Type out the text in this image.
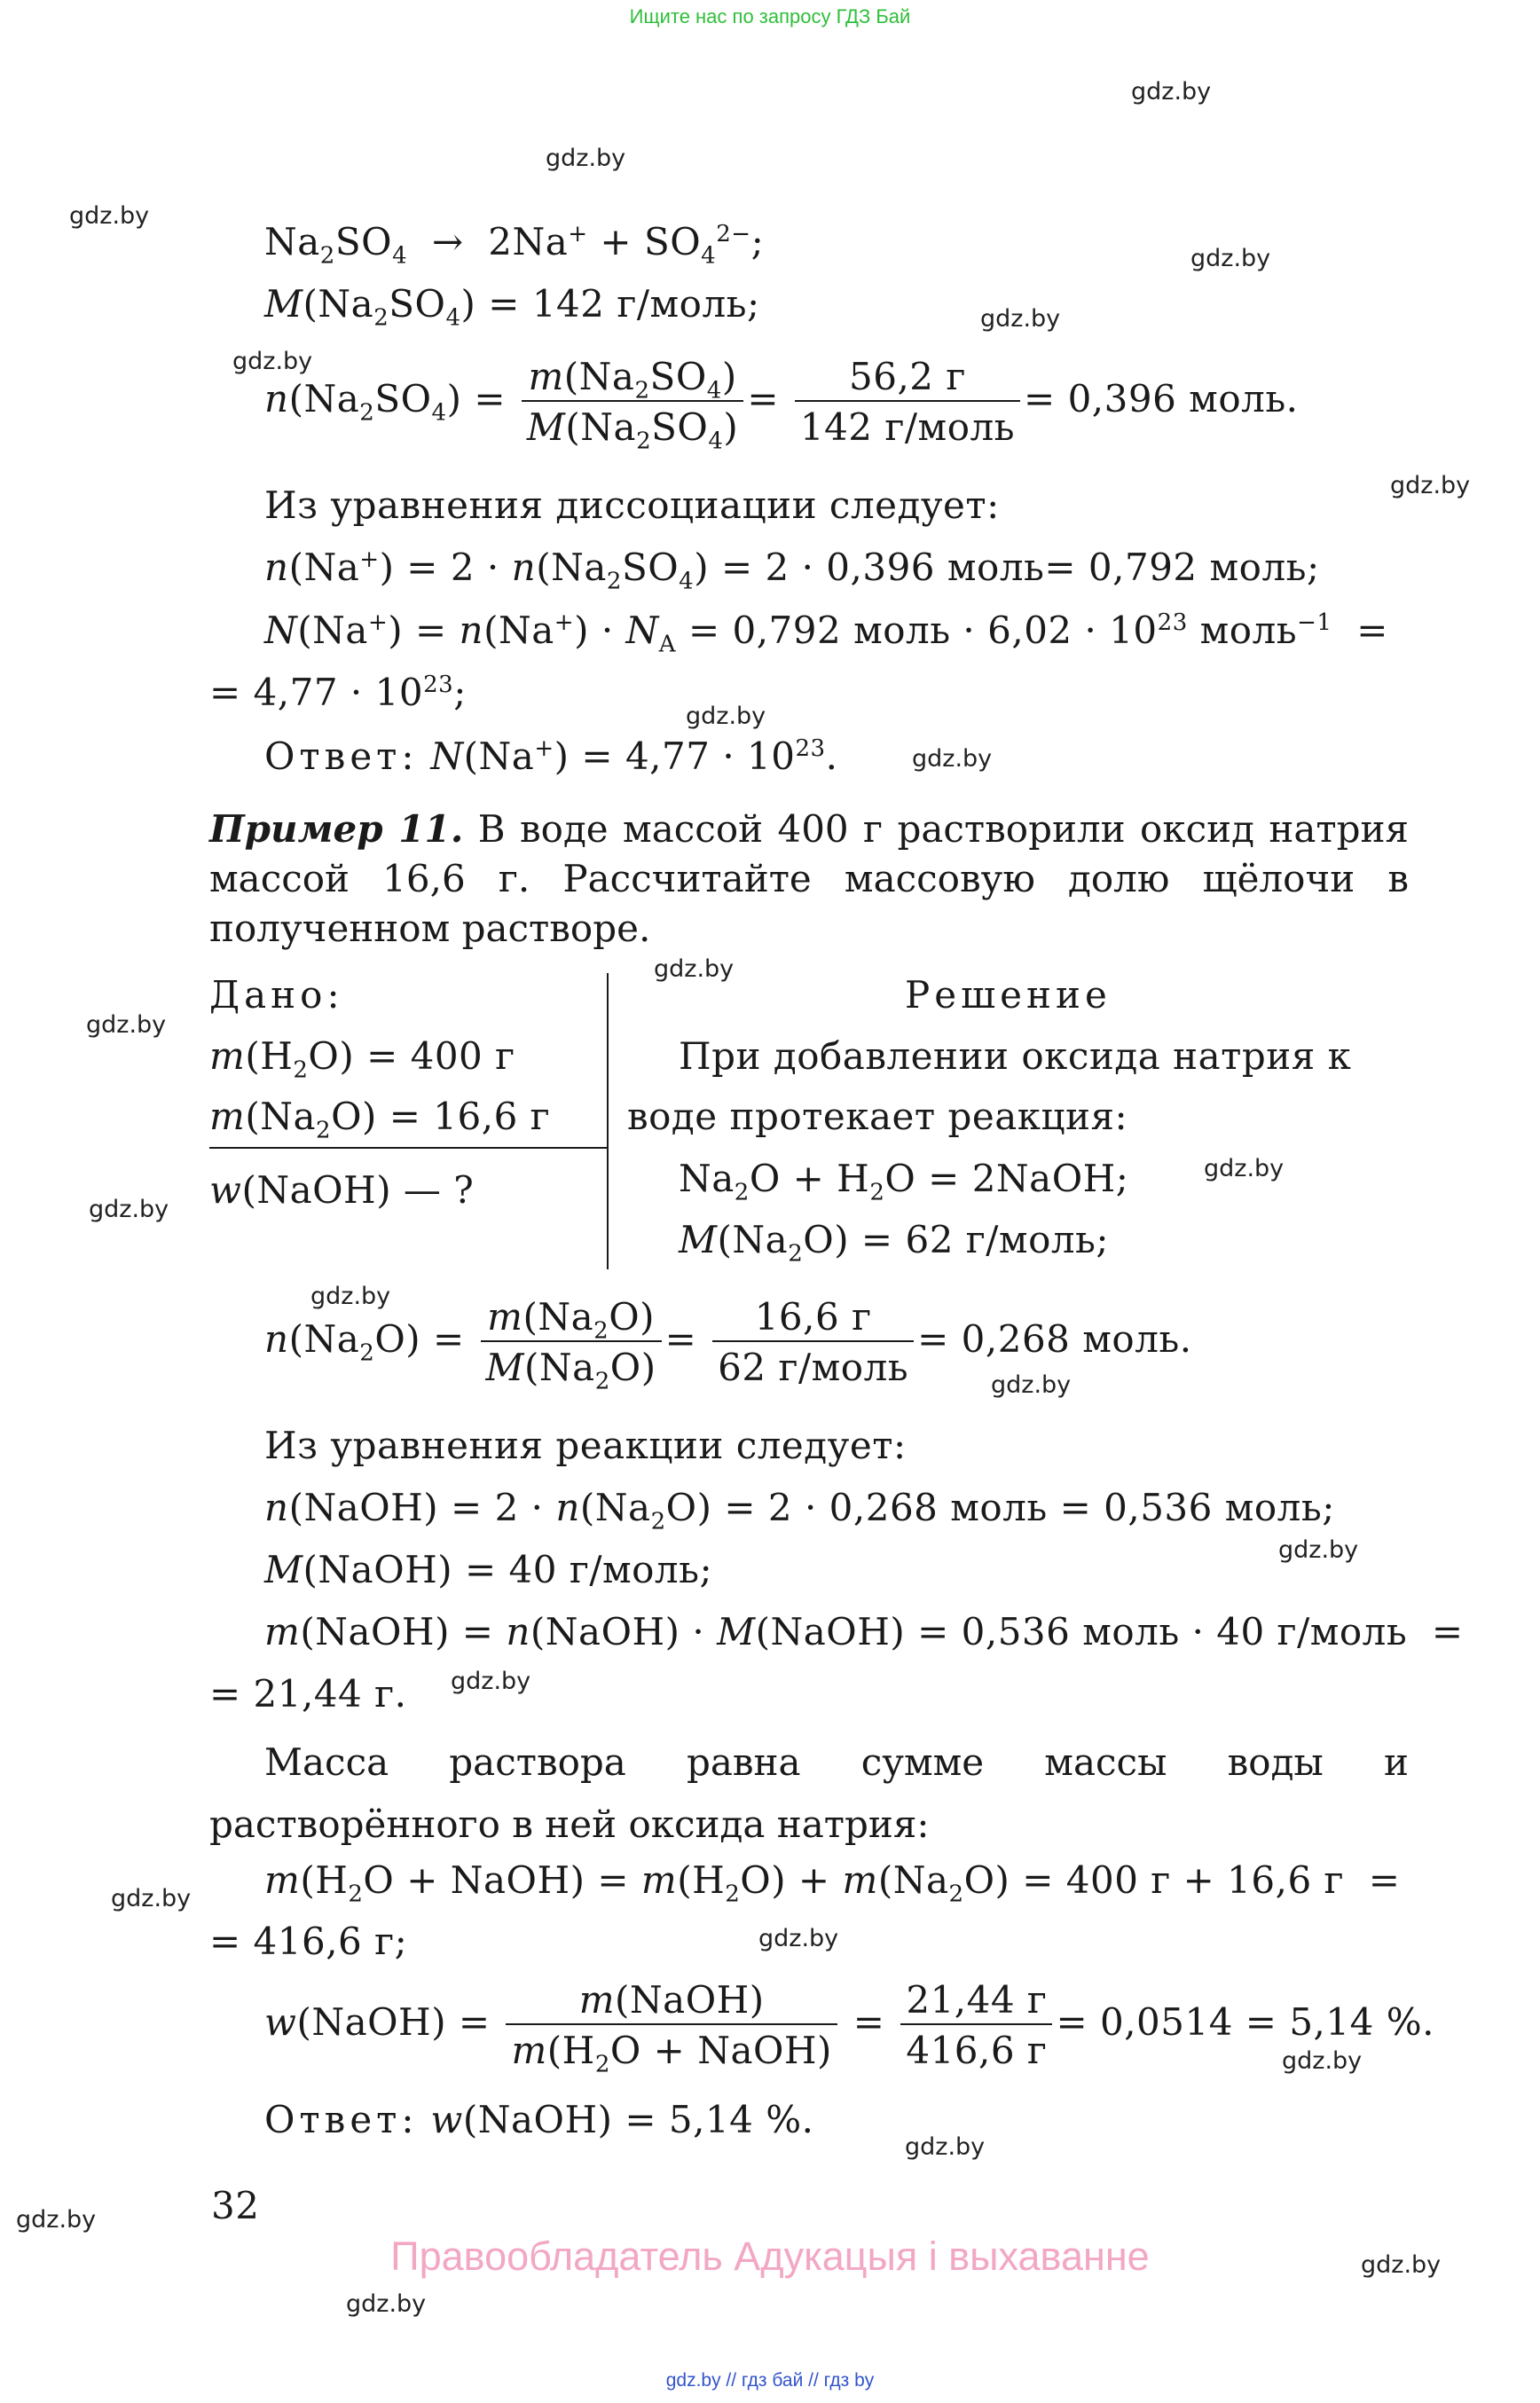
Ищите нас по запросу ГДЗ Бай
gdz.by
gdz.by
gdz.by
gdz.by
gdz.by
gdz.by
gdz.by
gdz.by
gdz.by
gdz.by
gdz.by
gdz.by
gdz.by
gdz.by
gdz.by
gdz.by
gdz.by
gdz.by
gdz.by
gdz.by
gdz.by
gdz.by
gdz.by
gdz.by
$Na_2SO_4 \to 2Na^+ + SO_4^{2-}$;
$M(Na_2SO_4) = 142$ г/моль;
$n(Na_2SO_4) = \frac{m(Na_2SO_4)}{M(Na_2SO_4)} = \frac{56,2 г}{\text{142 г/моль}} = 0,396$ моль.
Из уравнения диссоциации следует:
$n(Na^+) = 2 \cdot n(Na_2SO_4) = 2 \cdot 0,396$ моль= 0,792 моль;
$N(Na^+) = n(Na^+) \cdot N_A = 0,792$ моль · $6,02 \cdot 10^{23}$ моль$^{-1}$  =
= $4,77 \cdot 10^{23}$;
Ответ: $N(Na^+) = 4,77 \cdot 10^{23}$.
Пример 11. В воде массой 400 г растворили оксид натрия массой 16,6 г. Рассчитайте массовую долю щёлочи в полученном растворе.
Дано:
$m(H_2O) = 400$ г
$m(Na_2O) = 16,6$ г
w(NaOH) — ?
Решение
При добавлении оксида натрия к
воде протекает реакция:
$Na_2O + H_2O$ = 2NaOH;
$M(Na_2O) = 62$ г/моль;
$n(Na_2O) = \frac{m(Na_2O)}{M(Na_2O)} = \frac{16,6 г}{\text{62 г/моль}} = 0,268$ моль.
Из уравнения реакции следует:
n(NaOH) = $2 \cdot n(Na_2O) = 2 \cdot 0,268$ моль = 0,536 моль;
M(NaOH) = 40 г/моль;
m(NaOH) = n(NaOH) · M(NaOH) = 0,536 моль · 40 г/моль  =
= 21,44 г.
Масса раствора равна сумме массы воды и растворённого в ней оксида натрия:
$m(H_2O$ + NaOH) = $m(H_2O) + m(Na_2O) = 400$ г + 16,6 г  =
= 416,6 г;
w(NaOH) = $\frac{\text{m(NaOH)}}{m(H_2O + NaOH)} = \frac{21,44 г}{416,6 г} = 0,0514 = 5,14$ %.
Ответ: w(NaOH) = 5,14 %.
32
Правообладатель Адукацыя і выхаванне
gdz.by // гдз бай // гдз by
